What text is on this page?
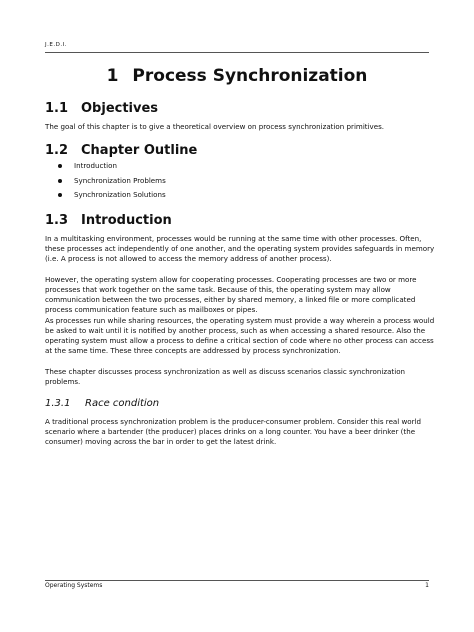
J.E.D.I.
1 Process Synchronization
1.1 Objectives

The goal of this chapter is to give a theoretical overview on process synchronization primitives.

1.2 Chapter Outline
Introduction
Synchronization Problems
Synchronization Solutions
1.3 Introduction

In a multitasking environment, processes would be running at the same time with other processes. Often, these processes act independently of one another, and the operating system provides safeguards in memory (i.e. A process is not allowed to access the memory address of another process).

However, the operating system allow for cooperating processes. Cooperating processes are two or more processes that work together on the same task. Because of this, the operating system may allow communication between the two processes, either by shared memory, a linked file or more complicated process communication feature such as mailboxes or pipes.

As processes run while sharing resources, the operating system must provide a way wherein a process would be asked to wait until it is notified by another process, such as when accessing a shared resource. Also the operating system must allow a process to define a critical section of code where no other process can access at the same time. These three concepts are addressed by process synchronization.

These chapter discusses process synchronization as well as discuss scenarios classic synchronization problems.

1.3.1 Race condition

A traditional process synchronization problem is the producer-consumer problem. Consider this real world scenario where a bartender (the producer) places drinks on a long counter. You have a beer drinker (the consumer) moving across the bar in order to get the latest drink.

Operating Systems	1
